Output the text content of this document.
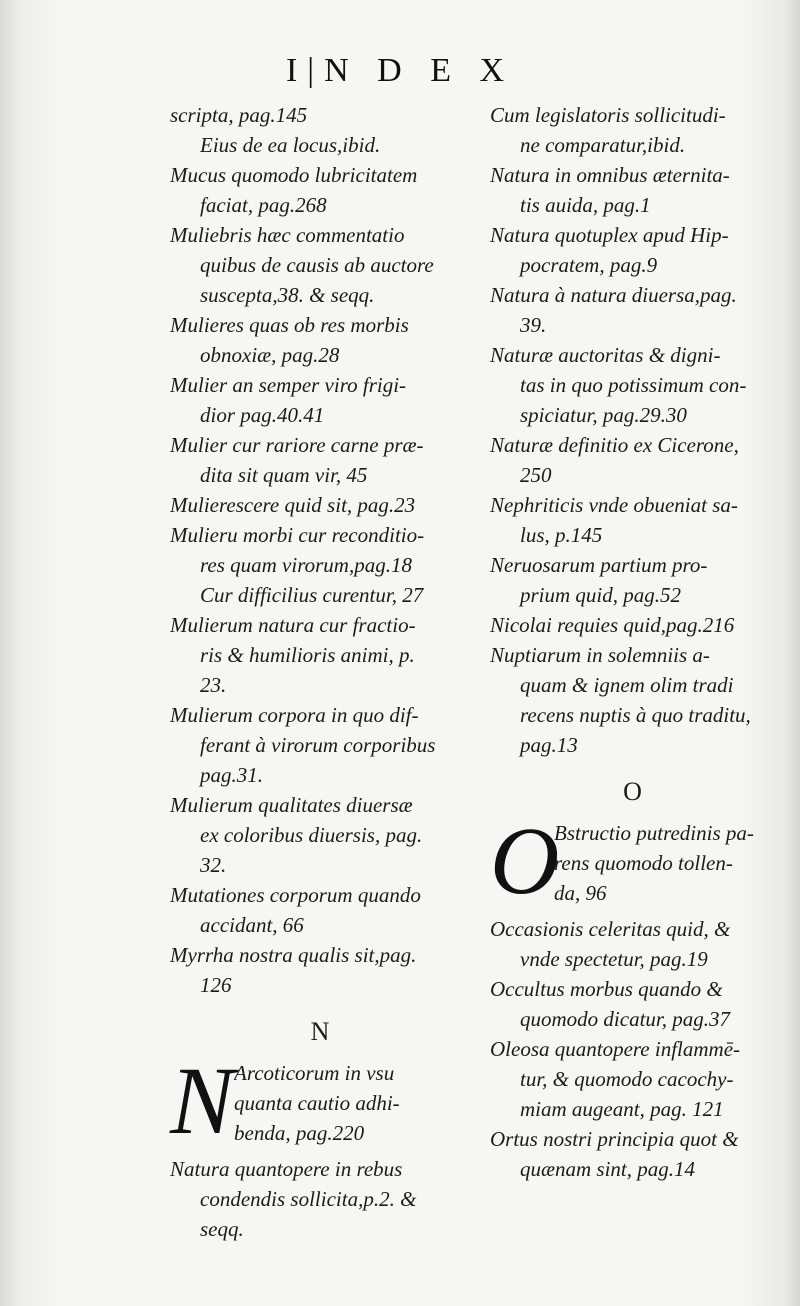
I|N D E X
scripta, pag.145
Eius de ea locus,ibid.
Mucus quomodo lubricitatem
faciat, pag.268
Muliebris hæc commentatio
quibus de causis ab auctore
suscepta,38. & seqq.
Mulieres quas ob res morbis
obnoxiæ, pag.28
Mulier an semper viro frigi-
dior pag.40.41
Mulier cur rariore carne præ-
dita sit quam vir, 45
Mulierescere quid sit, pag.23
Mulieru morbi cur reconditio-
res quam virorum,pag.18
Cur difficilius curentur, 27
Mulierum natura cur fractio-
ris & humilioris animi, p.
23.
Mulierum corpora in quo dif-
ferant à virorum corporibus
pag.31.
Mulierum qualitates diuersæ
ex coloribus diuersis, pag.
32.
Mutationes corporum quando
accidant, 66
Myrrha nostra qualis sit,pag.
126
N
N Arcoticorum in vsu
quanta cautio adhi-
benda, pag.220
Natura quantopere in rebus
condendis sollicita,p.2. &
seqq.
Cum legislatoris sollicitudi-
ne comparatur,ibid.
Natura in omnibus æternita-
tis auida, pag.1
Natura quotuplex apud Hip-
pocratem, pag.9
Natura à natura diuersa,pag.
39.
Naturæ auctoritas & digni-
tas in quo potissimum con-
spiciatur, pag.29.30
Naturæ definitio ex Cicerone,
250
Nephriticis vnde obueniat sa-
lus, p.145
Neruosarum partium pro-
prium quid, pag.52
Nicolai requies quid,pag.216
Nuptiarum in solemniis a-
quam & ignem olim tradi
recens nuptis à quo traditu,
pag.13
O
O
Bstructio putredinis pa-
rens quomodo tollen-
da, 96
Occasionis celeritas quid, &
vnde spectetur, pag.19
Occultus morbus quando &
quomodo dicatur, pag.37
Oleosa quantopere inflammē-
tur, & quomodo cacochy-
miam augeant, pag. 121
Ortus nostri principia quot &
quænam sint, pag.14
